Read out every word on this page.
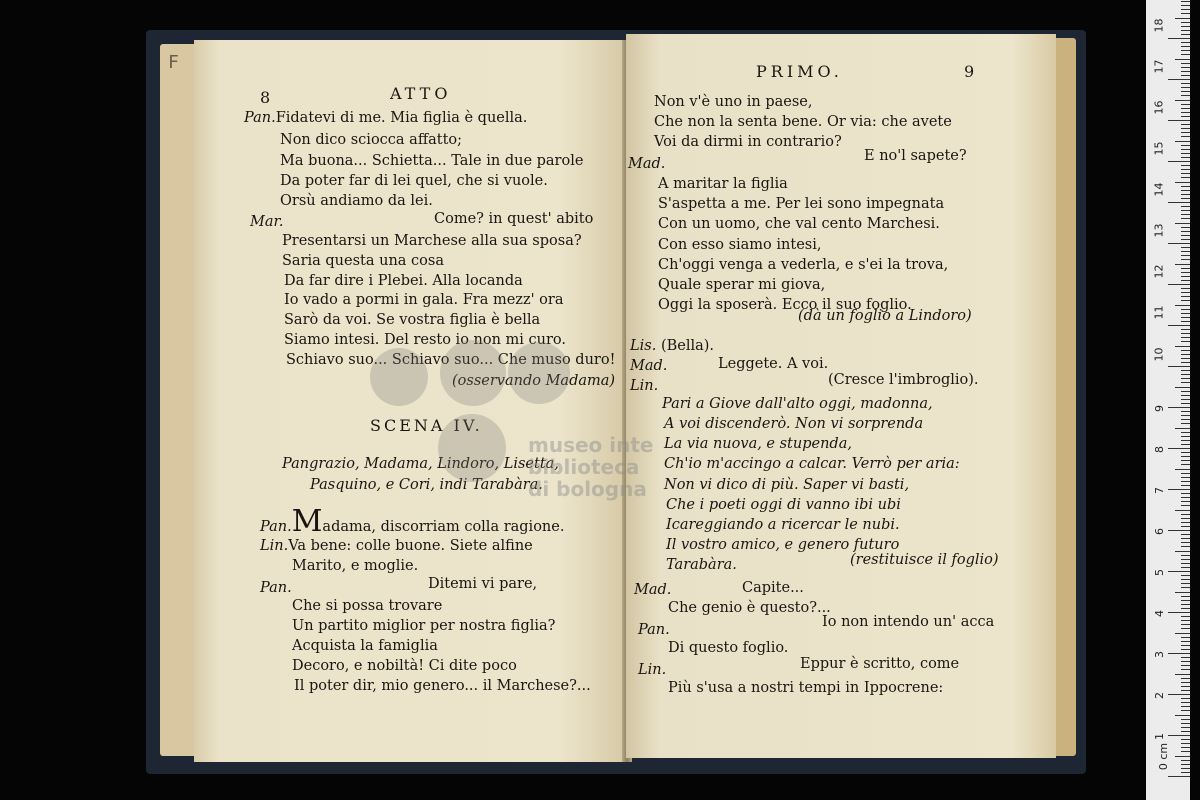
F
8	ATTO
Pan.Fidatevi di me. Mia figlia è quella.
Non dico sciocca affatto;
Ma buona... Schietta... Tale in due parole
Da poter far di lei quel, che si vuole.
Orsù andiamo da lei.
Mar.	Come? in quest' abito
Presentarsi un Marchese alla sua sposa?
Saria questa una cosa
Da far dire i Plebei. Alla locanda
Io vado a pormi in gala. Fra mezz' ora
Sarò da voi. Se vostra figlia è bella
Siamo intesi. Del resto io non mi curo.
Schiavo suo... Schiavo suo... Che muso duro!
(osservando Madama)
SCENA IV.
Pangrazio, Madama, Lindoro, Lisetta,
Pasquino, e Cori, indi Tarabàra.
Pan.Madama, discorriam colla ragione.
Lin.Va bene: colle buone. Siete alfine
Marito, e moglie.
Pan.	Ditemi vi pare,
Che si possa trovare
Un partito miglior per nostra figlia?
Acquista la famiglia
Decoro, e nobiltà! Ci dite poco
Il poter dir, mio genero... il Marchese?...
PRIMO.	9
Non v'è uno in paese,
Che non la senta bene. Or via: che avete
Voi da dirmi in contrario?
Mad.	E no'l sapete?
A maritar la figlia
S'aspetta a me. Per lei sono impegnata
Con un uomo, che val cento Marchesi.
Con esso siamo intesi,
Ch'oggi venga a vederla, e s'ei la trova,
Quale sperar mi giova,
Oggi la sposerà. Ecco il suo foglio.
(dà un foglio a Lindoro)
Lis. (Bella).
Mad.	Leggete. A voi.
Lin.	(Cresce l'imbroglio).
Pari a Giove dall'alto oggi, madonna,
A voi discenderò. Non vi sorprenda
La via nuova, e stupenda,
Ch'io m'accingo a calcar. Verrò per aria:
Non vi dico di più. Saper vi basti,
Che i poeti oggi di vanno ibi ubi
Icareggiando a ricercar le nubi.
Il vostro amico, e genero futuro
Tarabàra.	(restituisce il foglio)
Mad.	Capite...
Che genio è questo?...
Pan.	Io non intendo un' acca
Di questo foglio.
Lin.	Eppur è scritto, come
Più s'usa a nostri tempi in Ippocrene:
museo inte
biblioteca
di bologna
0 cm
1
2
3
4
5
6
7
8
9
10
11
12
13
14
15
16
17
18
